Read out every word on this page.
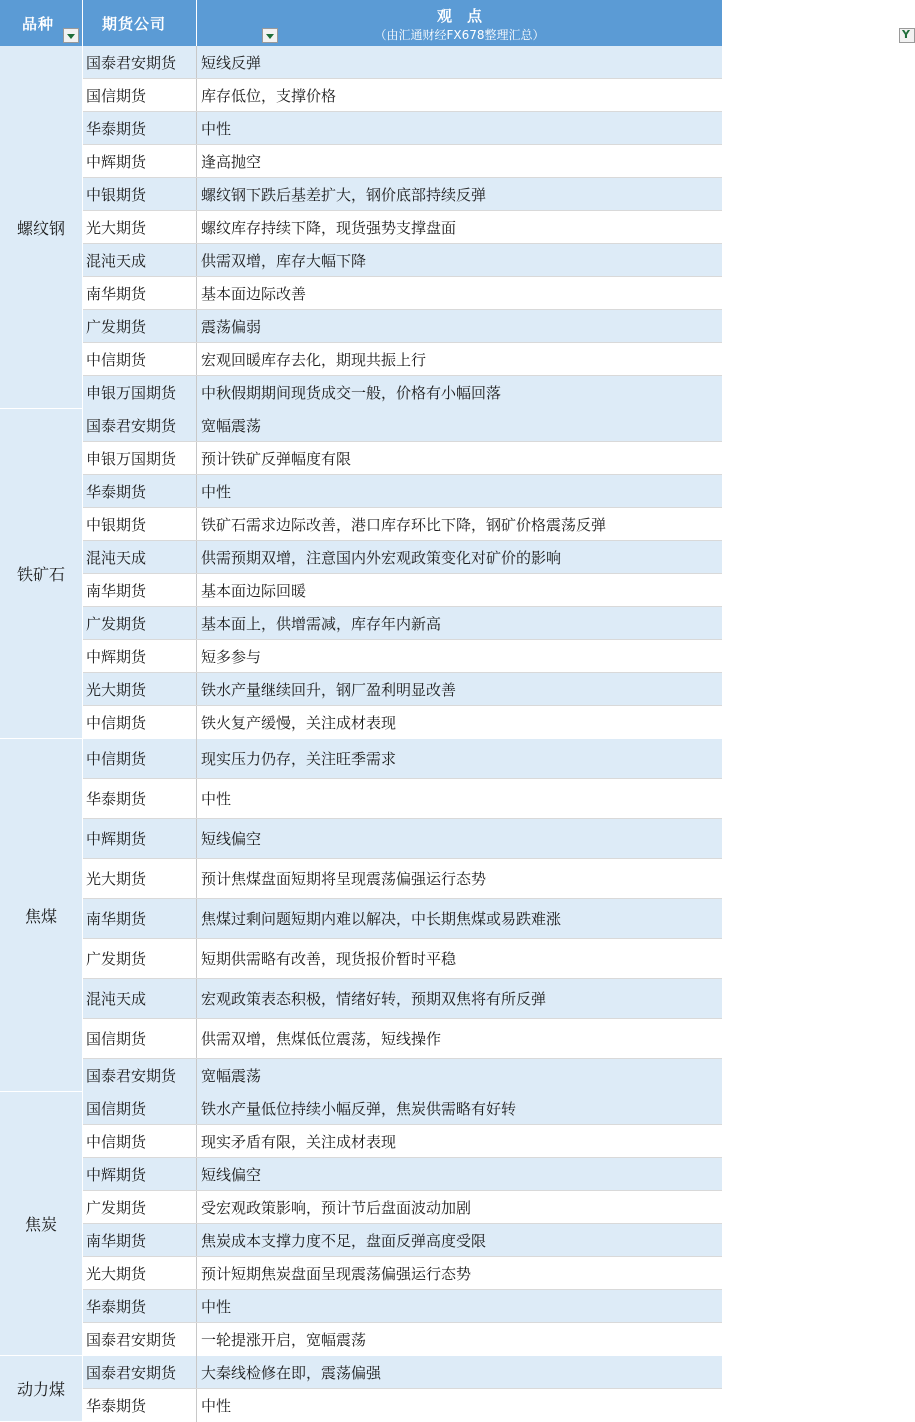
品种	期货公司	观　点
（由汇通财经FX678整理汇总）	Y
螺纹钢
国泰君安期货	短线反弹
国信期货	库存低位，支撑价格
华泰期货	中性
中辉期货	逢高抛空
中银期货	螺纹钢下跌后基差扩大，钢价底部持续反弹
光大期货	螺纹库存持续下降，现货强势支撑盘面
混沌天成	供需双增，库存大幅下降
南华期货	基本面边际改善
广发期货	震荡偏弱
中信期货	宏观回暖库存去化，期现共振上行
申银万国期货	中秋假期期间现货成交一般，价格有小幅回落
铁矿石
国泰君安期货	宽幅震荡
申银万国期货	预计铁矿反弹幅度有限
华泰期货	中性
中银期货	铁矿石需求边际改善，港口库存环比下降，钢矿价格震荡反弹
混沌天成	供需预期双增，注意国内外宏观政策变化对矿价的影响
南华期货	基本面边际回暖
广发期货	基本面上，供增需减，库存年内新高
中辉期货	短多参与
光大期货	铁水产量继续回升，钢厂盈利明显改善
中信期货	铁火复产缓慢，关注成材表现
焦煤
中信期货	现实压力仍存，关注旺季需求
华泰期货	中性
中辉期货	短线偏空
光大期货	预计焦煤盘面短期将呈现震荡偏强运行态势
南华期货	焦煤过剩问题短期内难以解决，中长期焦煤或易跌难涨
广发期货	短期供需略有改善，现货报价暂时平稳
混沌天成	宏观政策表态积极，情绪好转，预期双焦将有所反弹
国信期货	供需双增，焦煤低位震荡，短线操作
国泰君安期货	宽幅震荡
焦炭
国信期货	铁水产量低位持续小幅反弹，焦炭供需略有好转
中信期货	现实矛盾有限，关注成材表现
中辉期货	短线偏空
广发期货	受宏观政策影响，预计节后盘面波动加剧
南华期货	焦炭成本支撑力度不足，盘面反弹高度受限
光大期货	预计短期焦炭盘面呈现震荡偏强运行态势
华泰期货	中性
国泰君安期货	一轮提涨开启，宽幅震荡
动力煤
国泰君安期货	大秦线检修在即，震荡偏强
华泰期货	中性
